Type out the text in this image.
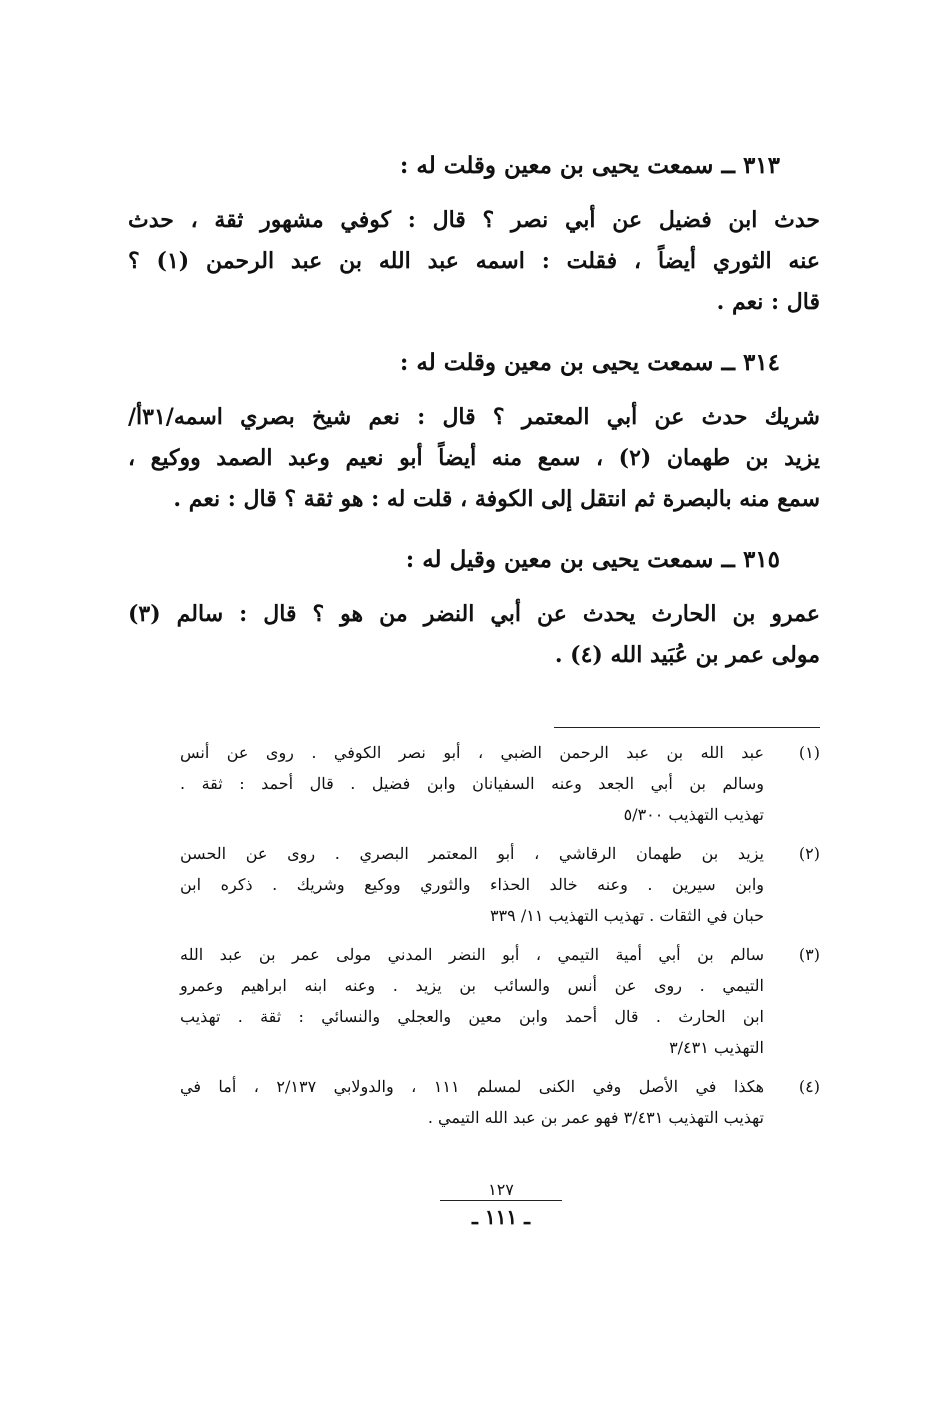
٣١٣ ــ سمعت يحيى بن معين وقلت له :
حدث ابن فضيل عن أبي نصر ؟ قال : كوفي مشهور ثقة ، حدث
عنه الثوري أيضاً ، فقلت : اسمه عبد الله بن عبد الرحمن (١) ؟
قال : نعم .
٣١٤ ــ سمعت يحيى بن معين وقلت له :
شريك حدث عن أبي المعتمر ؟ قال : نعم شيخ بصري اسمه/٣١أ/
يزيد بن طهمان (٢) ، سمع منه أيضاً أبو نعيم وعبد الصمد ووكيع ،
سمع منه بالبصرة ثم انتقل إلى الكوفة ، قلت له : هو ثقة ؟ قال : نعم .
٣١٥ ــ سمعت يحيى بن معين وقيل له :
عمرو بن الحارث يحدث عن أبي النضر من هو ؟ قال : سالم (٣)
مولى عمر بن عُبَيد الله (٤) .
(١)
عبد الله بن عبد الرحمن الضبي ، أبو نصر الكوفي . روى عن أنس
وسالم بن أبي الجعد وعنه السفيانان وابن فضيل . قال أحمد : ثقة .
تهذيب التهذيب ٥/٣٠٠
(٢)
يزيد بن طهمان الرقاشي ، أبو المعتمر البصري . روى عن الحسن
وابن سيرين . وعنه خالد الحذاء والثوري ووكيع وشريك . ذكره ابن
حبان في الثقات . تهذيب التهذيب ١١/ ٣٣٩
(٣)
سالم بن أبي أمية التيمي ، أبو النضر المدني مولى عمر بن عبد الله
التيمي . روى عن أنس والسائب بن يزيد . وعنه ابنه ابراهيم وعمرو
ابن الحارث . قال أحمد وابن معين والعجلي والنسائي : ثقة . تهذيب
التهذيب ٣/٤٣١
(٤)
هكذا في الأصل وفي الكنى لمسلم ١١١ ، والدولابي ٢/١٣٧ ، أما في
تهذيب التهذيب ٣/٤٣١ فهو عمر بن عبد الله التيمي .
١٢٧
ـ ١١١ ـ
